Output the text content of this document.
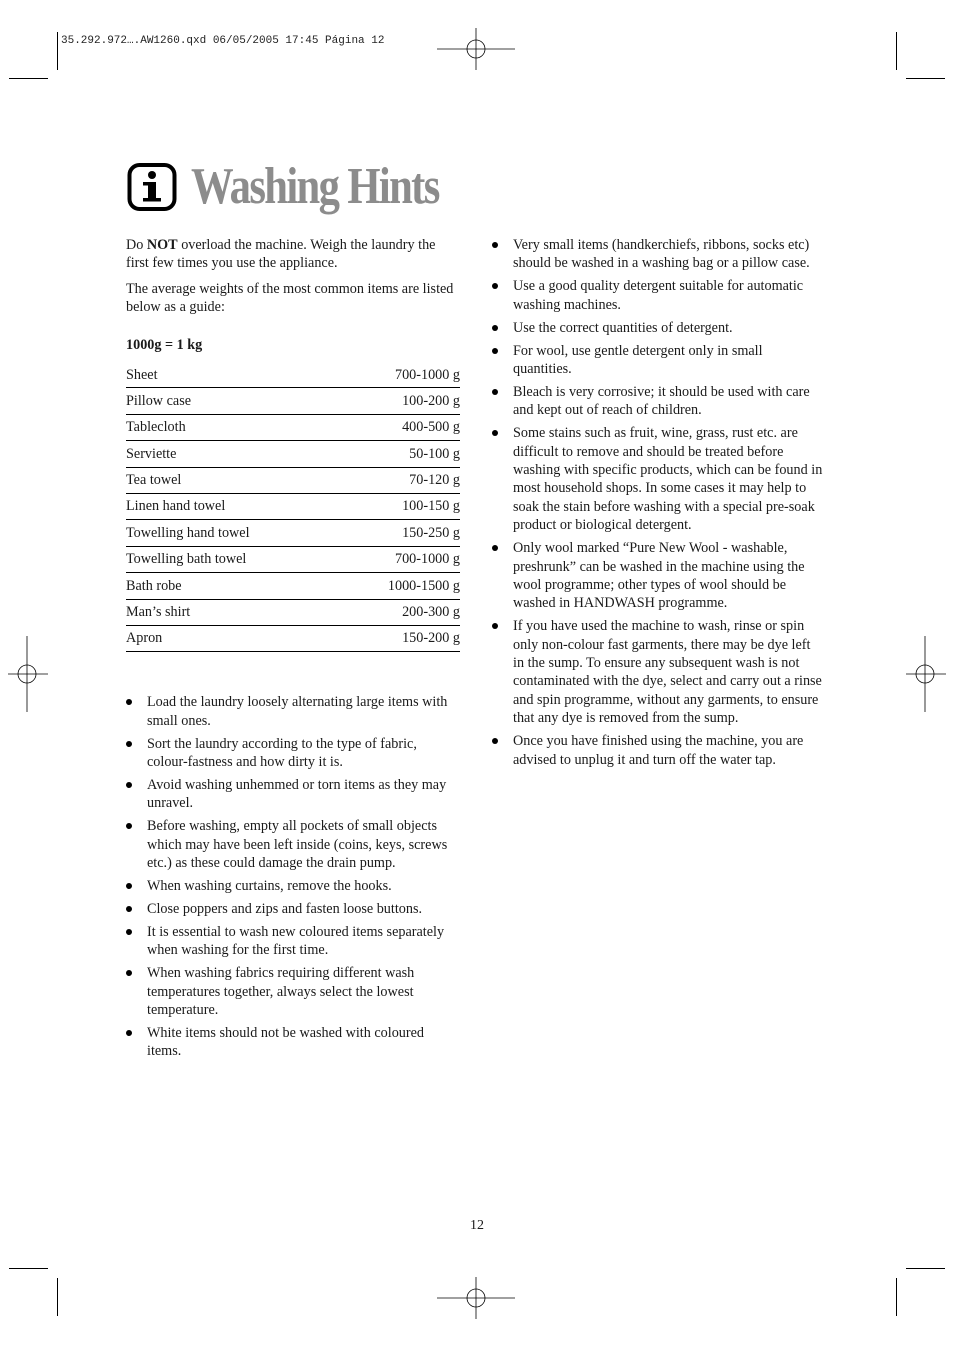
35.292.972….AW1260.qxd 06/05/2005 17:45 Página 12
Washing Hints

Do NOT overload the machine. Weigh the laundry the first few times you use the appliance.

The average weights of the most common items are listed below as a guide:

1000g = 1 kg
Sheet	700-1000 g
Pillow case	100-200 g
Tablecloth	400-500 g
Serviette	50-100 g
Tea towel	70-120 g
Linen hand towel	100-150 g
Towelling hand towel	150-250 g
Towelling bath towel	700-1000 g
Bath robe	1000-1500 g
Man’s shirt	200-300 g
Apron	150-200 g
Load the laundry loosely alternating large items with small ones.
Sort the laundry according to the type of fabric, colour-fastness and how dirty it is.
Avoid washing unhemmed or torn items as they may unravel.
Before washing, empty all pockets of small objects which may have been left inside (coins, keys, screws etc.) as these could damage the drain pump.
When washing curtains, remove the hooks.
Close poppers and zips and fasten loose buttons.
It is essential to wash new coloured items separately when washing for the first time.
When washing fabrics requiring different wash temperatures together, always select the lowest temperature.
White items should not be washed with coloured items.
Very small items (handkerchiefs, ribbons, socks etc) should be washed in a washing bag or a pillow case.
Use a good quality detergent suitable for automatic washing machines.
Use the correct quantities of detergent.
For wool, use gentle detergent only in small quantities.
Bleach is very corrosive; it should be used with care and kept out of reach of children.
Some stains such as fruit, wine, grass, rust etc. are difficult to remove and should be treated before washing with specific products, which can be found in most household shops. In some cases it may help to soak the stain before washing with a special pre-soak product or biological detergent.
Only wool marked “Pure New Wool - washable, preshrunk” can be washed in the machine using the wool programme; other types of wool should be washed in HANDWASH programme.
If you have used the machine to wash, rinse or spin only non-colour fast garments, there may be dye left in the sump. To ensure any subsequent wash is not contaminated with the dye, select and carry out a rinse and spin programme, without any garments, to ensure that any dye is removed from the sump.
Once you have finished using the machine, you are advised to unplug it and turn off the water tap.
12
